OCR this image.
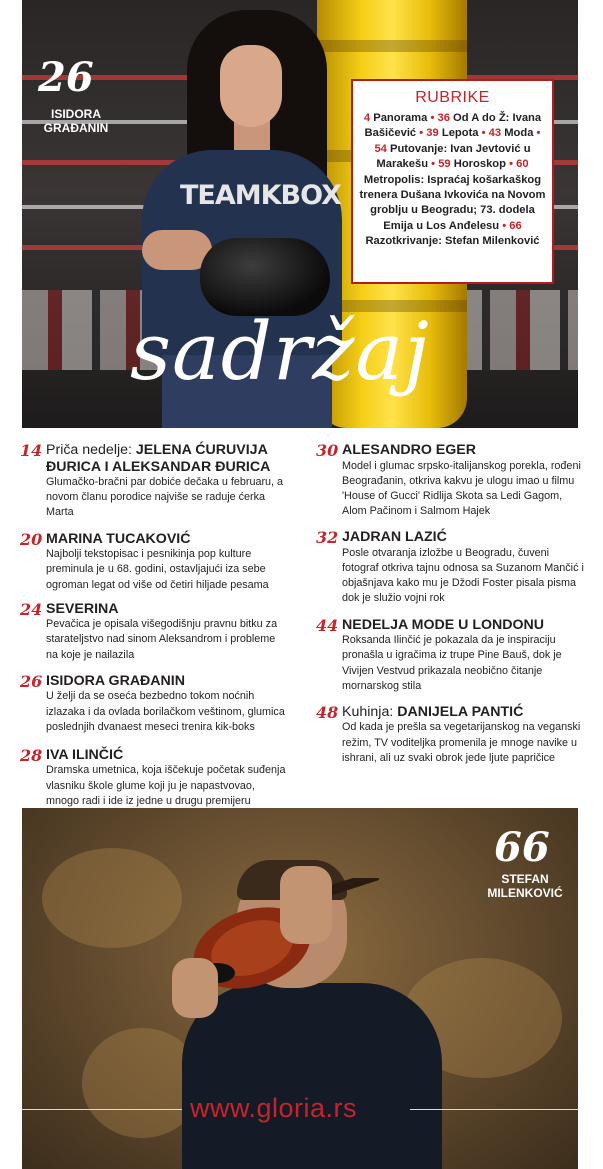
TEAMKBOX
26
ISIDORA
GRAĐANIN
RUBRIKE

4 Panorama • 36 Od A do Ž: Ivana Bašičević • 39 Lepota • 43 Moda • 54 Putovanje: Ivan Jevtović u Marakešu • 59 Horoskop • 60 Metropolis: Ispraćaj košarkaškog trenera Dušana Ivkovića na Novom groblju u Beogradu; 73. dodela Emija u Los Anđelesu • 66 Razotkrivanje: Stefan Milenković

sadržaj
14 Priča nedelje: JELENA ĆURUVIJA ĐURICA I ALEKSANDAR ĐURICA
Glumačko-bračni par dobiće dečaka u februaru, a novom članu porodice najviše se raduje ćerka Marta
20 MARINA TUCAKOVIĆ
Najbolji tekstopisac i pesnikinja pop kulture preminula je u 68. godini, ostavljajući iza sebe ogroman legat od više od četiri hiljade pesama
24 SEVERINA
Pevačica je opisala višegodišnju pravnu bitku za starateljstvo nad sinom Aleksandrom i probleme na koje je nailazila
26 ISIDORA GRAĐANIN
U želji da se oseća bezbedno tokom noćnih izlazaka i da ovlada borilačkom veštinom, glumica poslednjih dvanaest meseci trenira kik-boks
28 IVA ILINČIĆ
Dramska umetnica, koja iščekuje početak suđenja vlasniku škole glume koji ju je napastvovao, mnogo radi i ide iz jedne u drugu premijeru
30 ALESANDRO EGER
Model i glumac srpsko-italijanskog porekla, rođeni Beograđanin, otkriva kakvu je ulogu imao u filmu 'House of Gucci' Ridlija Skota sa Ledi Gagom, Alom Pačinom i Salmom Hajek
32 JADRAN LAZIĆ
Posle otvaranja izložbe u Beogradu, čuveni fotograf otkriva tajnu odnosa sa Suzanom Mančić i objašnjava kako mu je Džodi Foster pisala pisma dok je služio vojni rok
44 NEDELJA MODE U LONDONU
Roksanda Ilinčić je pokazala da je inspiraciju pronašla u igračima iz trupe Pine Bauš, dok je Vivijen Vestvud prikazala neobično čitanje mornarskog stila
48 Kuhinja: DANIJELA PANTIĆ
Od kada je prešla sa vegetarijanskog na veganski režim, TV voditeljka promenila je mnoge navike u ishrani, ali uz svaki obrok jede ljute papričice
66
STEFAN
MILENKOVIĆ
www.gloria.rs
